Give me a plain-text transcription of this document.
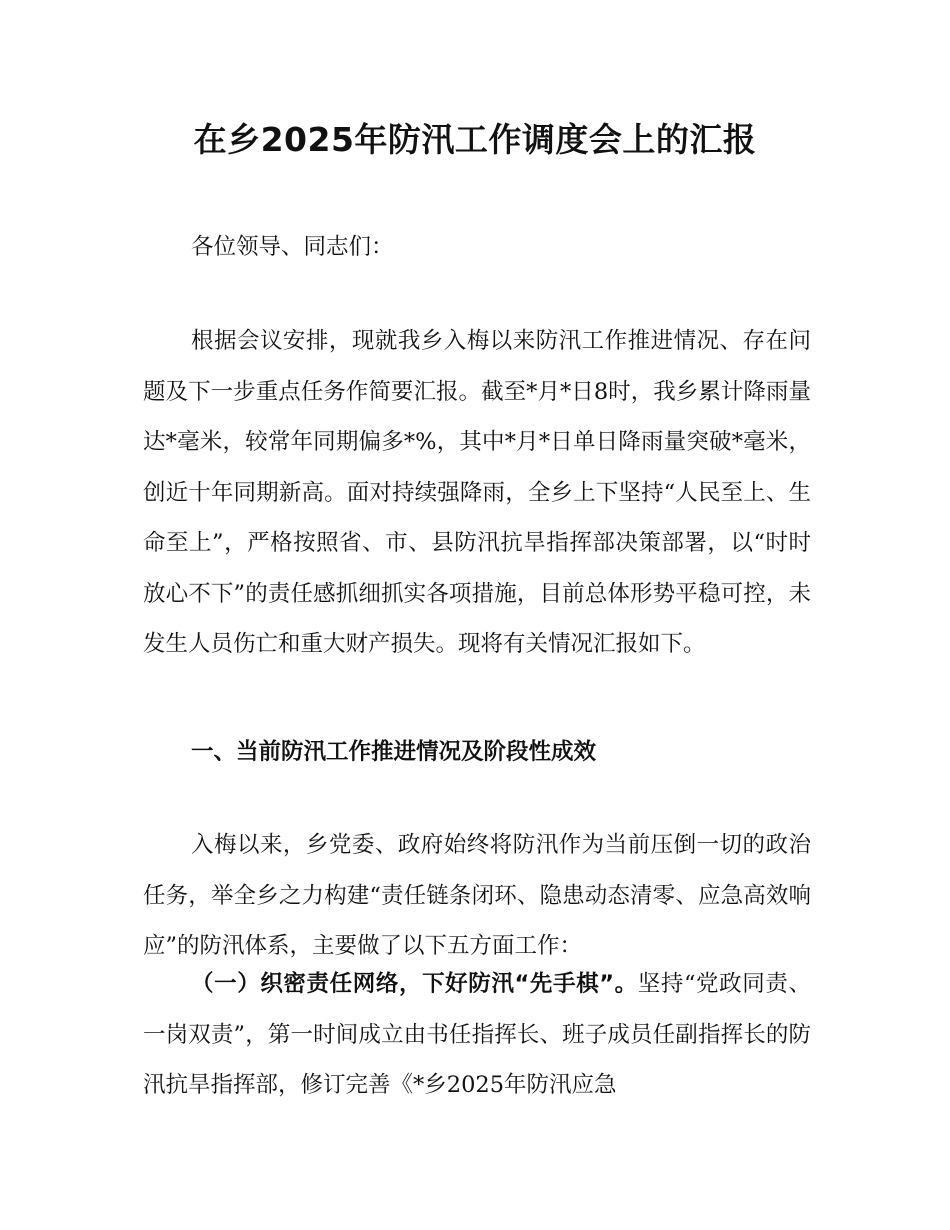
在乡2025年防汛工作调度会上的汇报

各位领导、同志们：

根据会议安排，现就我乡入梅以来防汛工作推进情况、存在问题及下一步重点任务作简要汇报。截至*月*日8时，我乡累计降雨量达*毫米，较常年同期偏多*%，其中*月*日单日降雨量突破*毫米，创近十年同期新高。面对持续强降雨，全乡上下坚持“人民至上、生命至上”，严格按照省、市、县防汛抗旱指挥部决策部署，以“时时放心不下”的责任感抓细抓实各项措施，目前总体形势平稳可控，未发生人员伤亡和重大财产损失。现将有关情况汇报如下。

一、当前防汛工作推进情况及阶段性成效

入梅以来，乡党委、政府始终将防汛作为当前压倒一切的政治任务，举全乡之力构建“责任链条闭环、隐患动态清零、应急高效响应”的防汛体系，主要做了以下五方面工作：

（一）织密责任网络，下好防汛“先手棋”。坚持“党政同责、一岗双责”，第一时间成立由书任指挥长、班子成员任副指挥长的防汛抗旱指挥部，修订完善《*乡2025年防汛应急
